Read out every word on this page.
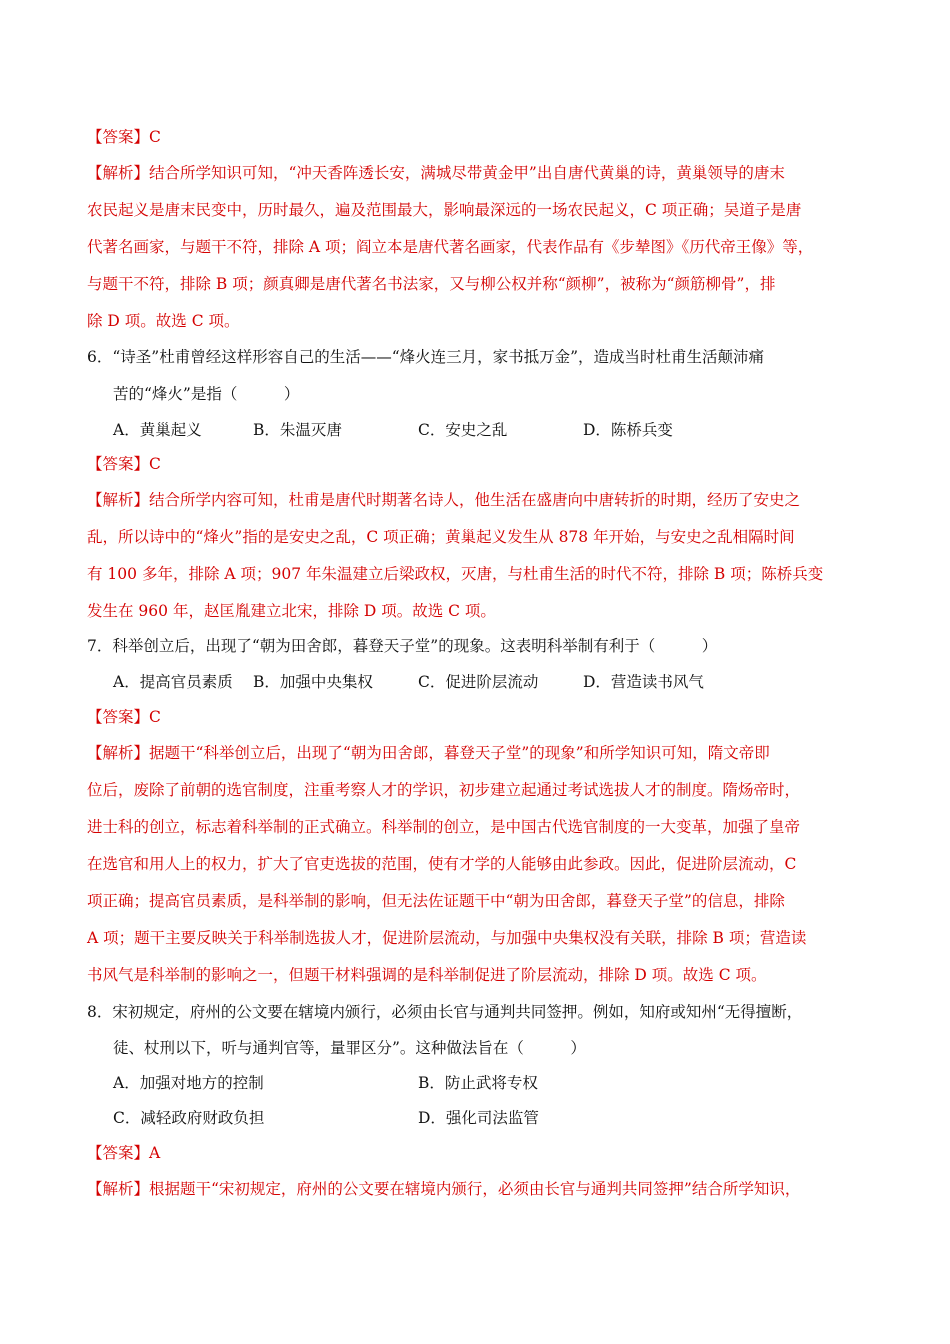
【答案】C
【解析】结合所学知识可知，“冲天香阵透长安，满城尽带黄金甲”出自唐代黄巢的诗，黄巢领导的唐末
农民起义是唐末民变中，历时最久，遍及范围最大，影响最深远的一场农民起义，C 项正确；吴道子是唐
代著名画家，与题干不符，排除 A 项；阎立本是唐代著名画家，代表作品有《步辇图》《历代帝王像》等，
与题干不符，排除 B 项；颜真卿是唐代著名书法家，又与柳公权并称“颜柳”，被称为“颜筋柳骨”，排
除 D 项。故选 C 项。
6．“诗圣”杜甫曾经这样形容自己的生活——“烽火连三月，家书抵万金”，造成当时杜甫生活颠沛痛
苦的“烽火”是指（　　　）
A．黄巢起义	B．朱温灭唐	C．安史之乱	D．陈桥兵变
【答案】C
【解析】结合所学内容可知，杜甫是唐代时期著名诗人，他生活在盛唐向中唐转折的时期，经历了安史之
乱，所以诗中的“烽火”指的是安史之乱，C 项正确；黄巢起义发生从 878 年开始，与安史之乱相隔时间
有 100 多年，排除 A 项；907 年朱温建立后梁政权，灭唐，与杜甫生活的时代不符，排除 B 项；陈桥兵变
发生在 960 年，赵匡胤建立北宋，排除 D 项。故选 C 项。
7．科举创立后，出现了“朝为田舍郎，暮登天子堂”的现象。这表明科举制有利于（　　　）
A．提高官员素质 B．加强中央集权	C．促进阶层流动	D．营造读书风气
【答案】C
【解析】据题干“科举创立后，出现了“朝为田舍郎，暮登天子堂”的现象”和所学知识可知，隋文帝即
位后，废除了前朝的选官制度，注重考察人才的学识，初步建立起通过考试选拔人才的制度。隋炀帝时，
进士科的创立，标志着科举制的正式确立。科举制的创立，是中国古代选官制度的一大变革，加强了皇帝
在选官和用人上的权力，扩大了官吏选拔的范围，使有才学的人能够由此参政。因此，促进阶层流动，C
项正确；提高官员素质，是科举制的影响，但无法佐证题干中“朝为田舍郎，暮登天子堂”的信息，排除
A 项；题干主要反映关于科举制选拔人才，促进阶层流动，与加强中央集权没有关联，排除 B 项；营造读
书风气是科举制的影响之一，但题干材料强调的是科举制促进了阶层流动，排除 D 项。故选 C 项。
8．宋初规定，府州的公文要在辖境内颁行，必须由长官与通判共同签押。例如，知府或知州“无得擅断，
徒、杖刑以下，听与通判官等，量罪区分”。这种做法旨在（　　　）
A．加强对地方的控制	B．防止武将专权
C．减轻政府财政负担	D．强化司法监管
【答案】A
【解析】根据题干“宋初规定，府州的公文要在辖境内颁行，必须由长官与通判共同签押”结合所学知识，
